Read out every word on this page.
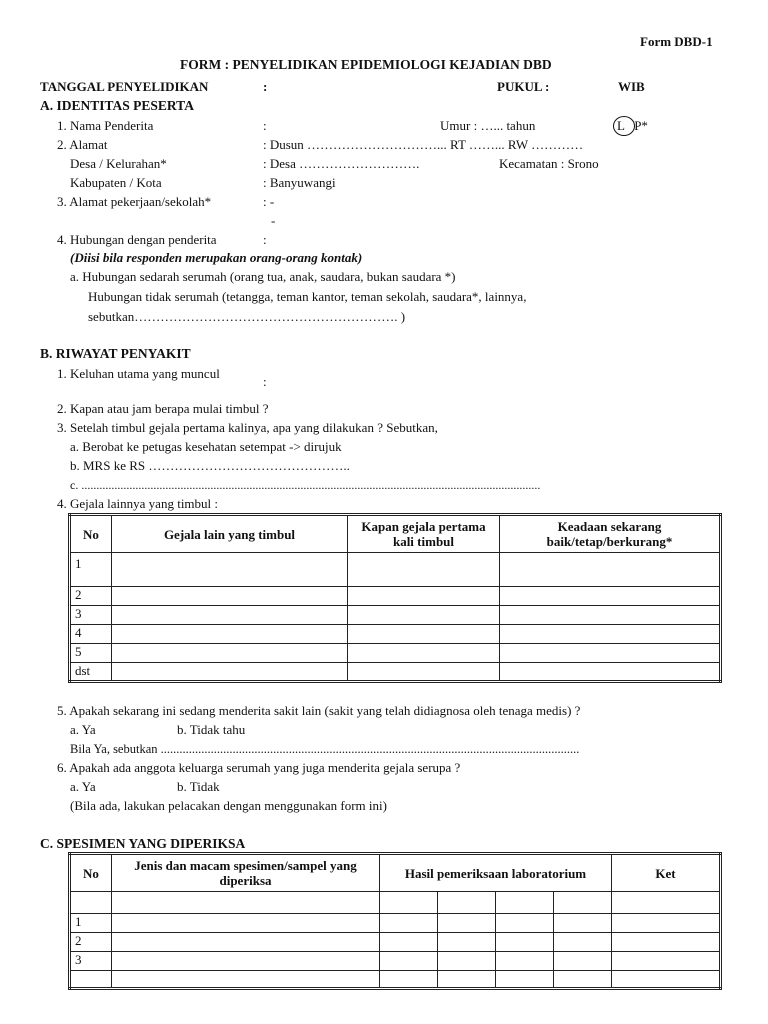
Form DBD-1
FORM : PENYELIDIKAN EPIDEMIOLOGI KEJADIAN DBD
TANGGAL PENYELIDIKAN	:	PUKUL :	WIB
A. IDENTITAS PESERTA
1. Nama Penderita	:	Umur : …... tahun	L P*
2. Alamat	: Dusun …………………………... RT ……... RW …………
Desa / Kelurahan*	: Desa ……………………….	Kecamatan : Srono
Kabupaten / Kota	: Banyuwangi
3. Alamat pekerjaan/sekolah*	: -
-
4. Hubungan dengan penderita	:
(Diisi bila responden merupakan orang-orang kontak)
a. Hubungan sedarah serumah (orang tua, anak, saudara, bukan saudara *)
Hubungan tidak serumah (tetangga, teman kantor, teman sekolah, saudara*, lainnya,
sebutkan……………………………………………………. )
B. RIWAYAT PENYAKIT
1. Keluhan utama yang muncul
:
2. Kapan atau jam berapa mulai timbul ?
3. Setelah timbul gejala pertama kalinya, apa yang dilakukan ? Sebutkan,
a. Berobat ke petugas kesehatan setempat -> dirujuk
b. MRS ke RS ………………………………………..
c. .........................................................................................................................................................
4. Gejala lainnya yang timbul :
No	Gejala lain yang timbul	Kapan gejala pertama kali timbul	Keadaan sekarang baik/tetap/berkurang*
1			
2			
3			
4			
5			
dst			
5. Apakah sekarang ini sedang menderita sakit lain (sakit yang telah didiagnosa oleh tenaga medis) ?
a. Ya	b. Tidak tahu
Bila Ya, sebutkan ......................................................................................................................................
6. Apakah ada anggota keluarga serumah yang juga menderita gejala serupa ?
a. Ya	b. Tidak
(Bila ada, lakukan pelacakan dengan menggunakan form ini)
C. SPESIMEN YANG DIPERIKSA
No	Jenis dan macam spesimen/sampel yang diperiksa	Hasil pemeriksaan laboratorium				Ket

1						
2						
3						
